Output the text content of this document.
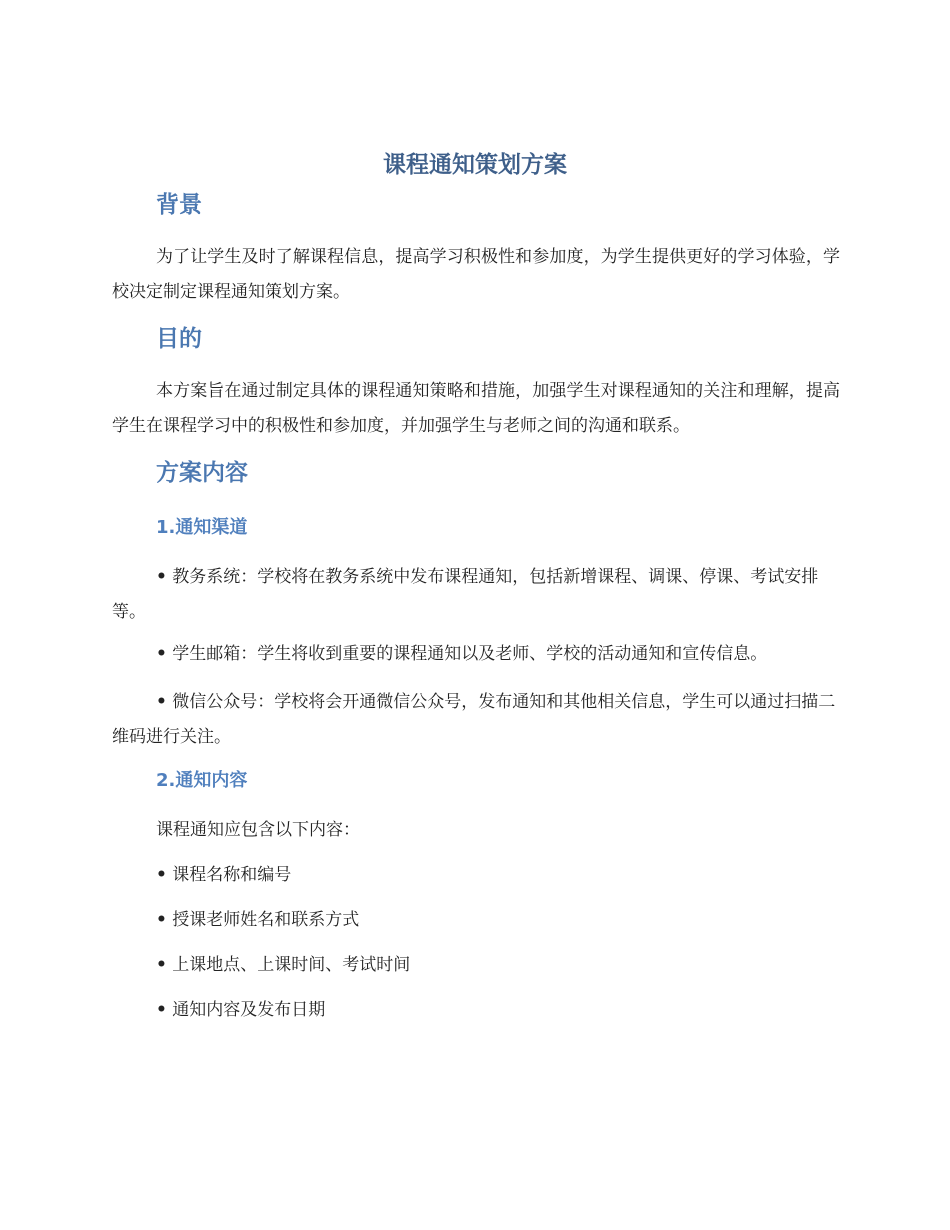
课程通知策划方案
背景

为了让学生及时了解课程信息，提高学习积极性和参加度，为学生提供更好的学习体验，学校决定制定课程通知策划方案。

目的

本方案旨在通过制定具体的课程通知策略和措施，加强学生对课程通知的关注和理解，提高学生在课程学习中的积极性和参加度，并加强学生与老师之间的沟通和联系。

方案内容
1.通知渠道

• 教务系统：学校将在教务系统中发布课程通知，包括新增课程、调课、停课、考试安排等。

• 学生邮箱：学生将收到重要的课程通知以及老师、学校的活动通知和宣传信息。

• 微信公众号：学校将会开通微信公众号，发布通知和其他相关信息，学生可以通过扫描二维码进行关注。

2.通知内容

课程通知应包含以下内容：

• 课程名称和编号

• 授课老师姓名和联系方式

• 上课地点、上课时间、考试时间

• 通知内容及发布日期
